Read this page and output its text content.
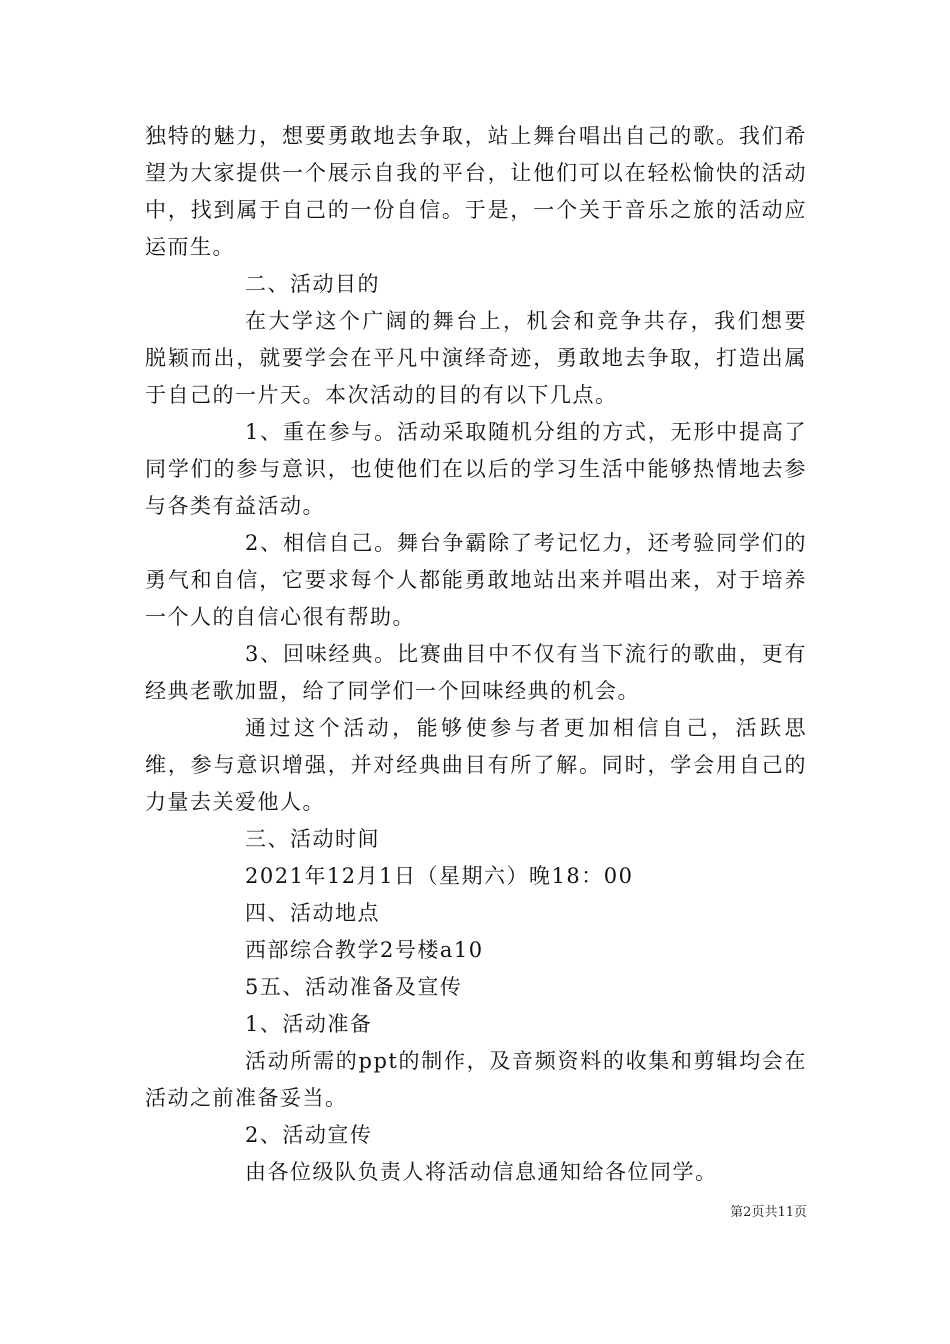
独特的魅力，想要勇敢地去争取，站上舞台唱出自己的歌。我们希望为大家提供一个展示自我的平台，让他们可以在轻松愉快的活动中，找到属于自己的一份自信。于是，一个关于音乐之旅的活动应运而生。

二、活动目的

在大学这个广阔的舞台上，机会和竞争共存，我们想要脱颖而出，就要学会在平凡中演绎奇迹，勇敢地去争取，打造出属于自己的一片天。本次活动的目的有以下几点。

1、重在参与。活动采取随机分组的方式，无形中提高了同学们的参与意识，也使他们在以后的学习生活中能够热情地去参与各类有益活动。

2、相信自己。舞台争霸除了考记忆力，还考验同学们的勇气和自信，它要求每个人都能勇敢地站出来并唱出来，对于培养一个人的自信心很有帮助。

3、回味经典。比赛曲目中不仅有当下流行的歌曲，更有经典老歌加盟，给了同学们一个回味经典的机会。

通过这个活动，能够使参与者更加相信自己，活跃思维，参与意识增强，并对经典曲目有所了解。同时，学会用自己的力量去关爱他人。

三、活动时间

2021年12月1日（星期六）晚18：00

四、活动地点

西部综合教学2号楼a10

5五、活动准备及宣传

1、活动准备

活动所需的ppt的制作，及音频资料的收集和剪辑均会在活动之前准备妥当。

2、活动宣传

由各位级队负责人将活动信息通知给各位同学。

第2页共11页
